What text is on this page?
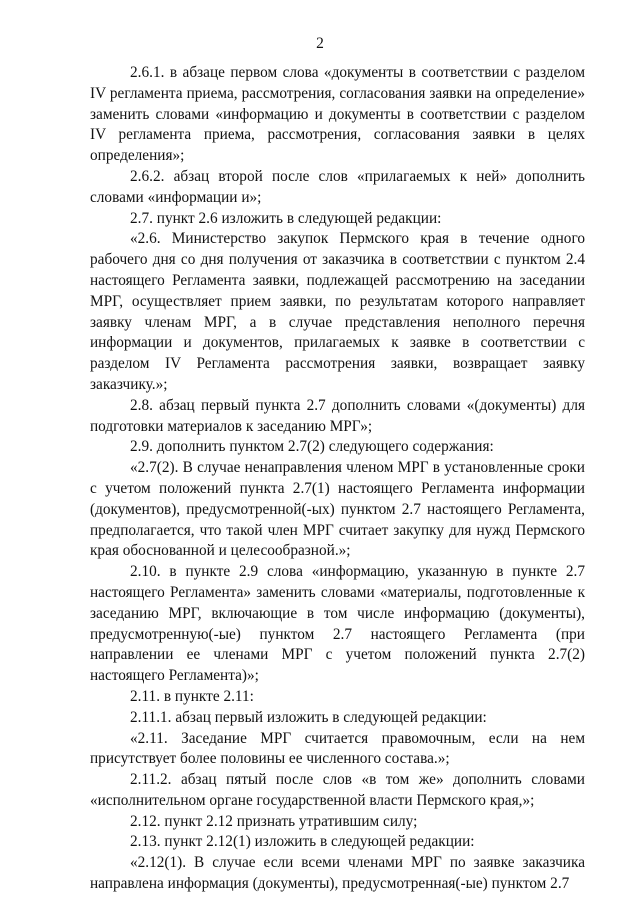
2

2.6.1. в абзаце первом слова «документы в соответствии с разделом IV регламента приема, рассмотрения, согласования заявки на определение» заменить словами «информацию и документы в соответствии с разделом IV регламента приема, рассмотрения, согласования заявки в целях определения»;

2.6.2. абзац второй после слов «прилагаемых к ней» дополнить словами «информации и»;

2.7. пункт 2.6 изложить в следующей редакции:

«2.6. Министерство закупок Пермского края в течение одного рабочего дня со дня получения от заказчика в соответствии с пунктом 2.4 настоящего Регламента заявки, подлежащей рассмотрению на заседании МРГ, осуществляет прием заявки, по результатам которого направляет заявку членам МРГ, а в случае представления неполного перечня информации и документов, прилагаемых к заявке в соответствии с разделом IV Регламента рассмотрения заявки, возвращает заявку заказчику.»;

2.8. абзац первый пункта 2.7 дополнить словами «(документы) для подготовки материалов к заседанию МРГ»;

2.9. дополнить пунктом 2.7(2) следующего содержания:

«2.7(2). В случае ненаправления членом МРГ в установленные сроки с учетом положений пункта 2.7(1) настоящего Регламента информации (документов), предусмотренной(-ых) пунктом 2.7 настоящего Регламента, предполагается, что такой член МРГ считает закупку для нужд Пермского края обоснованной и целесообразной.»;

2.10. в пункте 2.9 слова «информацию, указанную в пункте 2.7 настоящего Регламента» заменить словами «материалы, подготовленные к заседанию МРГ, включающие в том числе информацию (документы), предусмотренную(-ые) пунктом 2.7 настоящего Регламента (при направлении ее членами МРГ с учетом положений пункта 2.7(2) настоящего Регламента)»;

2.11. в пункте 2.11:

2.11.1. абзац первый изложить в следующей редакции:

«2.11. Заседание МРГ считается правомочным, если на нем присутствует более половины ее численного состава.»;

2.11.2. абзац пятый после слов «в том же» дополнить словами «исполнительном органе государственной власти Пермского края,»;

2.12. пункт 2.12 признать утратившим силу;

2.13. пункт 2.12(1) изложить в следующей редакции:

«2.12(1). В случае если всеми членами МРГ по заявке заказчика направлена информация (документы), предусмотренная(-ые) пунктом 2.7
